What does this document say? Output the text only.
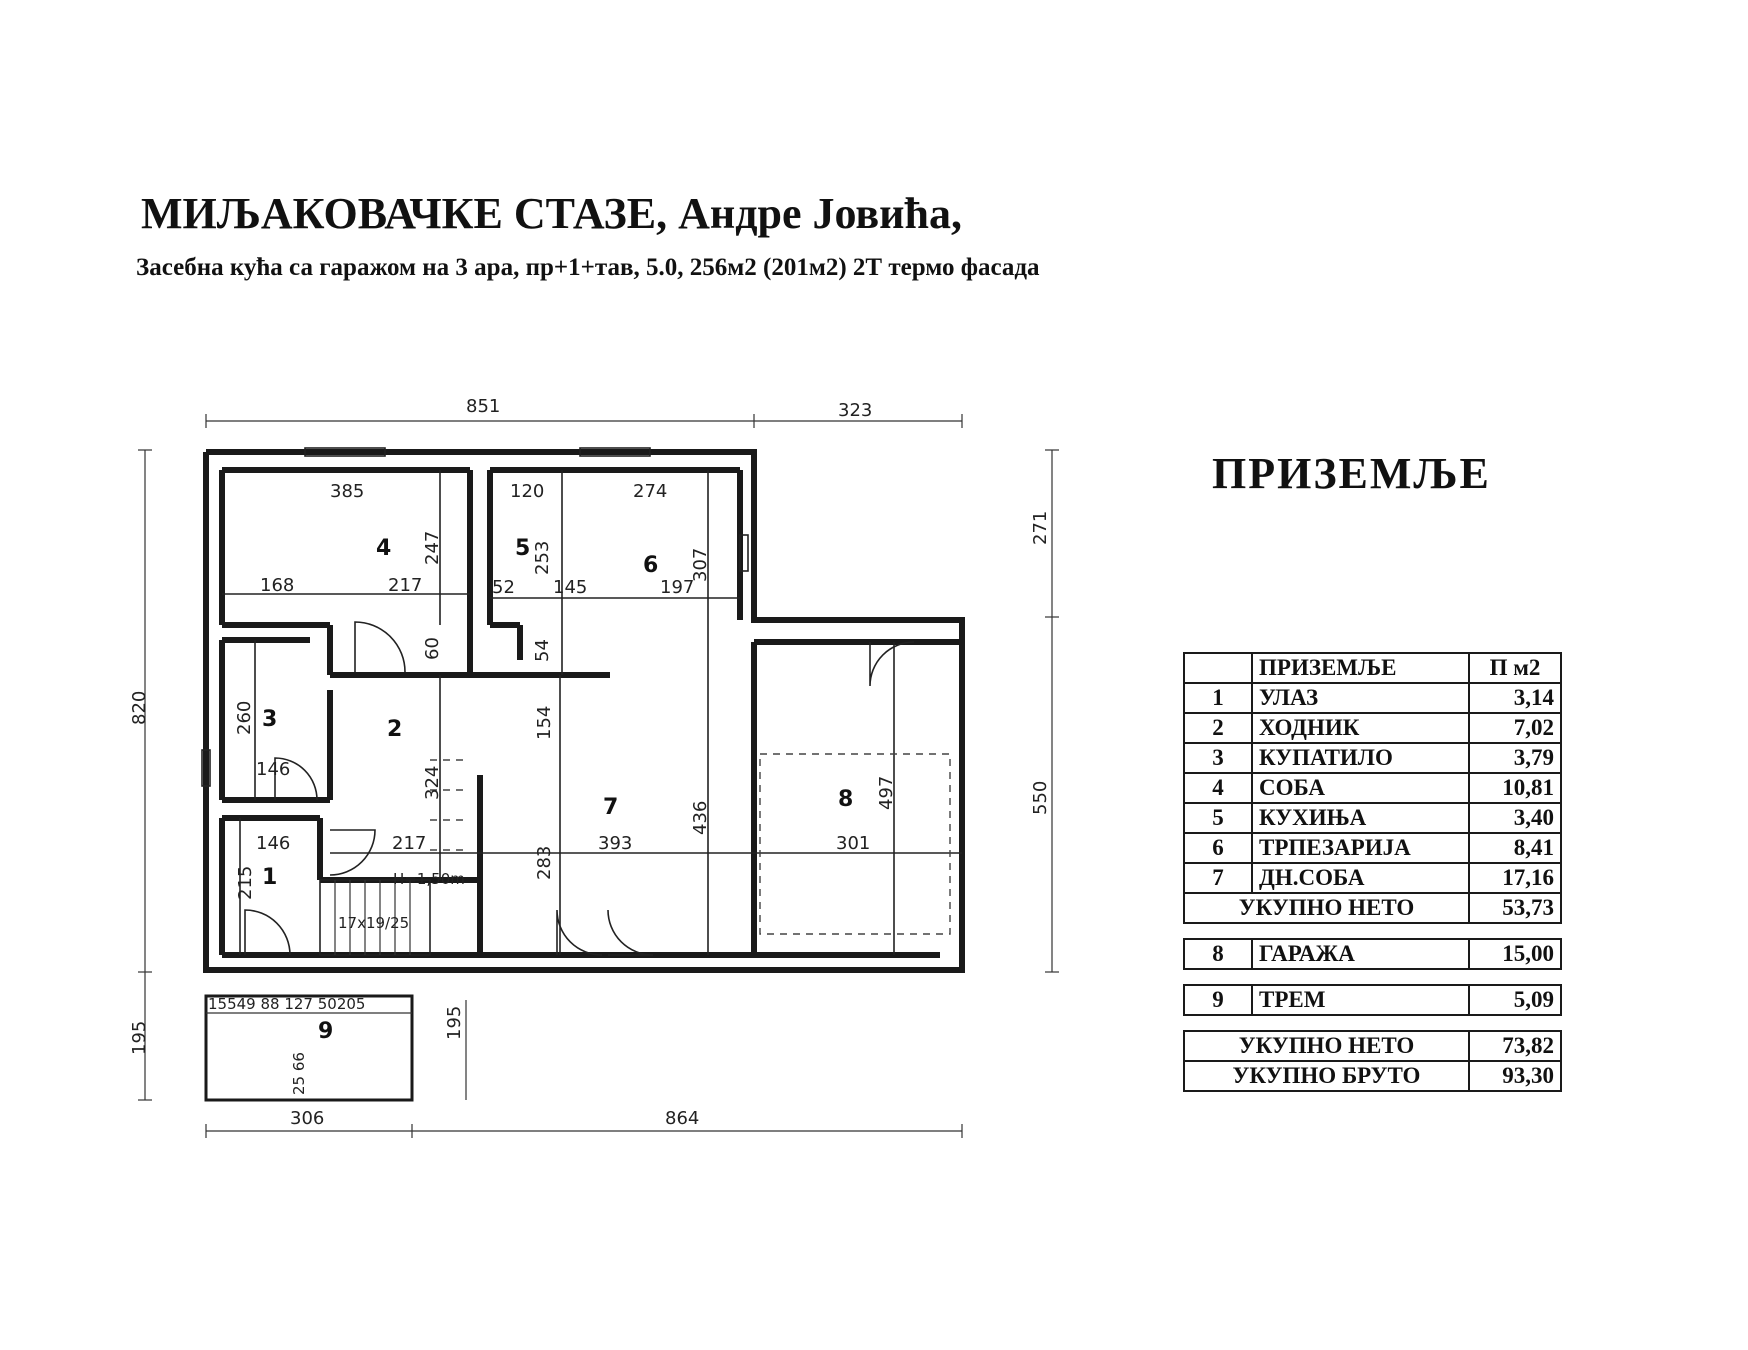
МИЉАКОВАЧКЕ СТАЗЕ, Андре Јовића,
Засебна кућа са гаражом на 3 ара, пр+1+тав, 5.0, 256м2 (201м2) 2Т термо фасада
ПРИЗЕМЉЕ
851	323
820
195	195
271
550
306	864
1
2
3
4	5
6
7	8
9
385
247
168	217
60
120	274
253	307
52 145	197
54
260
146
154
324
436
146	217
283
393
215
497
301
H=1,50m
17x19/25
15549 88 127 50205
25 66
	ПРИЗЕМЉЕ	П м2
1	УЛАЗ	3,14
2	ХОДНИК	7,02
3	КУПАТИЛО	3,79
4	СОБА	10,81
5	КУХИЊА	3,40
6	ТРПЕЗАРИЈА	8,41
7	ДН.СОБА	17,16
УКУПНО НЕТО		53,73

8	ГАРАЖА	15,00

9	ТРЕМ	5,09

УКУПНО НЕТО		73,82
УКУПНО БРУТО		93,30
